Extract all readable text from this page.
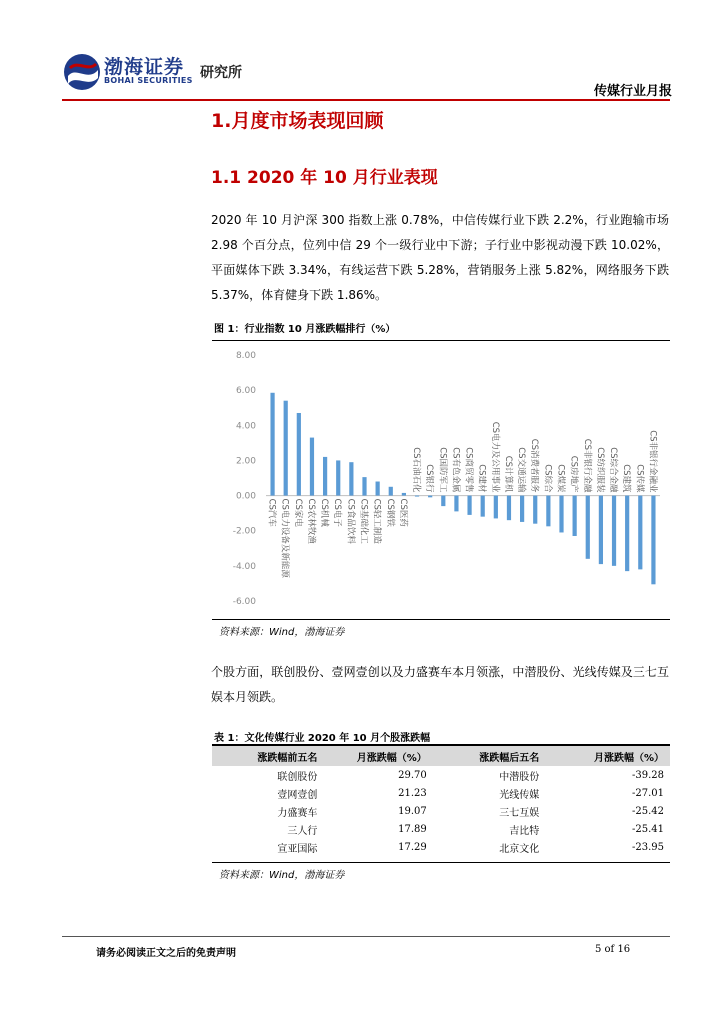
渤海证券
BOHAI SECURITIES 研究所
传媒行业月报
1.月度市场表现回顾
1.1 2020 年 10 月行业表现
2020 年 10 月沪深 300 指数上涨 0.78%，中信传媒行业下跌 2.2%，行业跑输市场 2.98 个百分点，位列中信 29 个一级行业中下游；子行业中影视动漫下跌 10.02%，平面媒体下跌 3.34%，有线运营下跌 5.28%，营销服务上涨 5.82%，网络服务下跌 5.37%，体育健身下跌 1.86%。
图 1：行业指数 10 月涨跌幅排行（%）
8.00
6.00
4.00
2.00
0.00
-2.00
-4.00
-6.00
CS汽车 CS电力设备及新能源 CS家电 CS农林牧渔 CS机械 CS电子 CS食品饮料 CS基础化工 CS轻工制造 CS钢铁 CS医药
CS石油石化 CS银行 CS国防军工 CS有色金属 CS商贸零售 CS建材 CS电力及公用事业 CS计算机 CS交通运输 CS消费者服务 CS综合 CS煤炭 CS房地产 CS非银行金融 CS纺织服装 CS综合金融 CS建筑 CS传媒 CS非银行金融业
资料来源：Wind，渤海证券
个股方面，联创股份、壹网壹创以及力盛赛车本月领涨，中潜股份、光线传媒及三七互娱本月领跌。
表 1：文化传媒行业 2020 年 10 月个股涨跌幅
涨跌幅前五名	月涨跌幅（%）	涨跌幅后五名	月涨跌幅（%）
联创股份	29.70	中潜股份	-39.28
壹网壹创	21.23	光线传媒	-27.01
力盛赛车	19.07	三七互娱	-25.42
三人行	17.89	吉比特	-25.41
宣亚国际	17.29	北京文化	-23.95
资料来源：Wind，渤海证券
请务必阅读正文之后的免责声明	5 of 16
